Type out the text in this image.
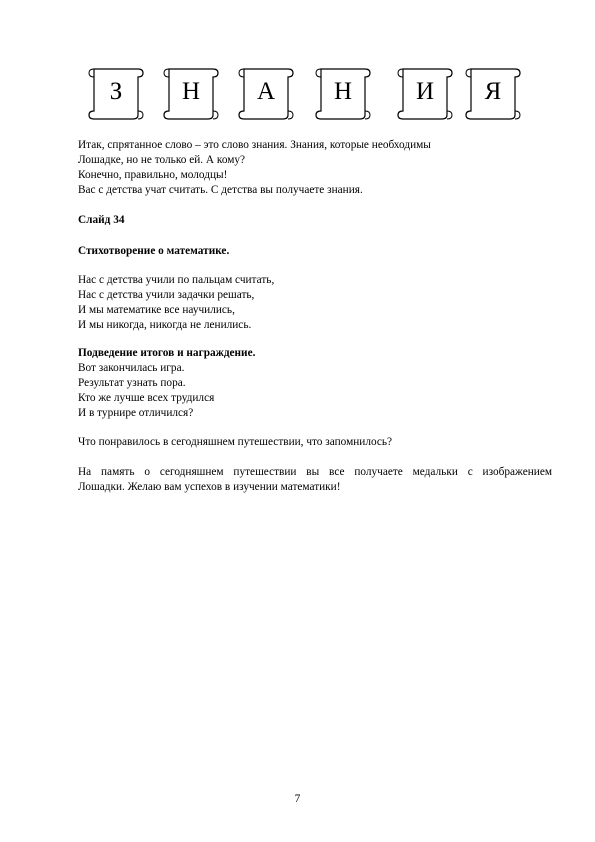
З	Н	А	Н	И	Я

Итак, спрятанное слово – это слово знания. Знания, которые необходимы

Лошадке, но не только ей. А кому?

Конечно, правильно, молодцы!

Вас с детства учат считать. С детства вы получаете знания.

Слайд 34
Стихотворение о математике.

Нас с детства учили по пальцам считать,

Нас с детства учили задачки решать,

И мы математике все научились,

И мы никогда, никогда не ленились.

Подведение итогов и награждение.

Вот закончилась игра.

Результат узнать пора.

Кто же лучше всех трудился

И в турнире отличился?

Что понравилось в сегодняшнем путешествии, что запомнилось?

На память о сегодняшнем путешествии вы все получаете медальки с изображением

Лошадки. Желаю вам успехов в изучении математики!

7
